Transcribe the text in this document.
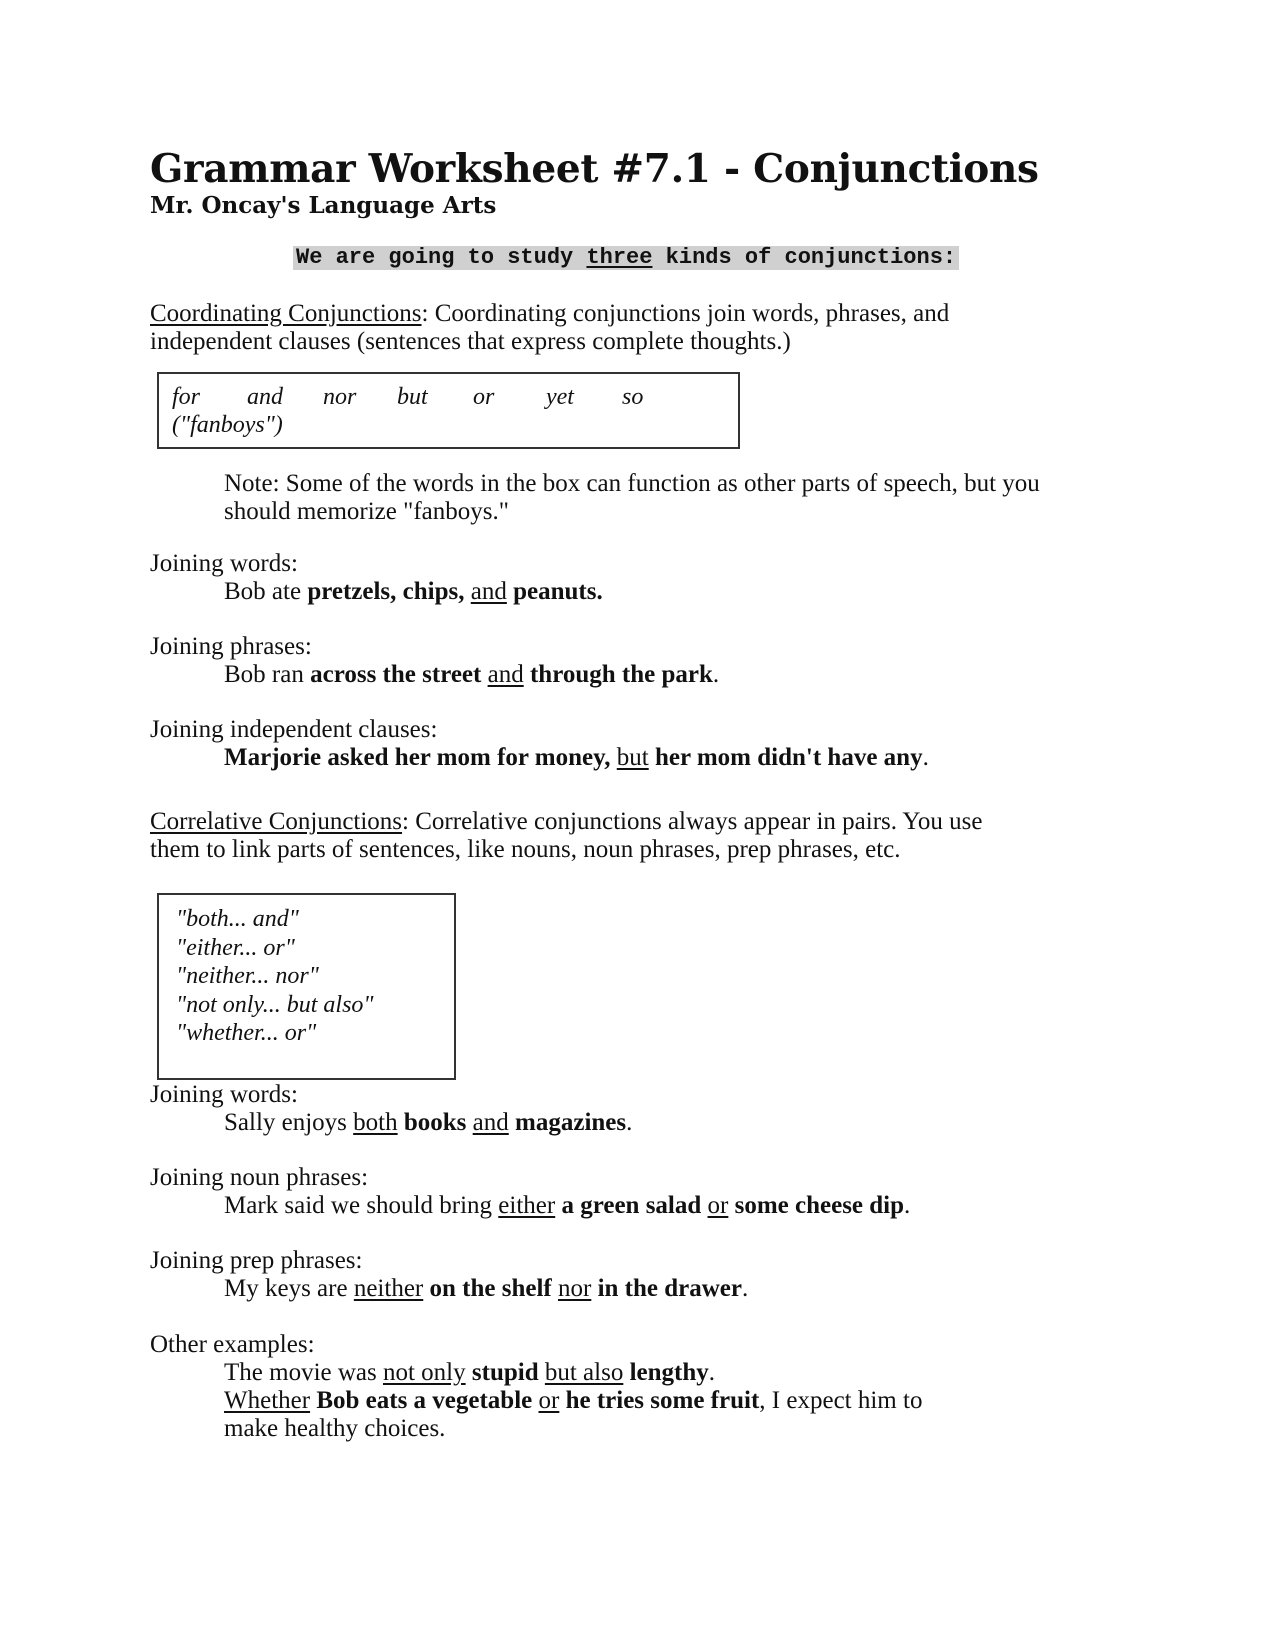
Grammar Worksheet #7.1 - Conjunctions
Mr. Oncay's Language Arts
We are going to study three kinds of conjunctions:
Coordinating Conjunctions: Coordinating conjunctions join words, phrases, and
independent clauses (sentences that express complete thoughts.)
for and nor but or yet so
("fanboys")
Note: Some of the words in the box can function as other parts of speech, but you
should memorize "fanboys."
Joining words:
Bob ate pretzels, chips, and peanuts.
Joining phrases:
Bob ran across the street and through the park.
Joining independent clauses:
Marjorie asked her mom for money, but her mom didn't have any.
Correlative Conjunctions: Correlative conjunctions always appear in pairs. You use
them to link parts of sentences, like nouns, noun phrases, prep phrases, etc.
"both... and"
"either... or"
"neither... nor"
"not only... but also"
"whether... or"
Joining words:
Sally enjoys both books and magazines.
Joining noun phrases:
Mark said we should bring either a green salad or some cheese dip.
Joining prep phrases:
My keys are neither on the shelf nor in the drawer.
Other examples:
The movie was not only stupid but also lengthy.
Whether Bob eats a vegetable or he tries some fruit, I expect him to
make healthy choices.
